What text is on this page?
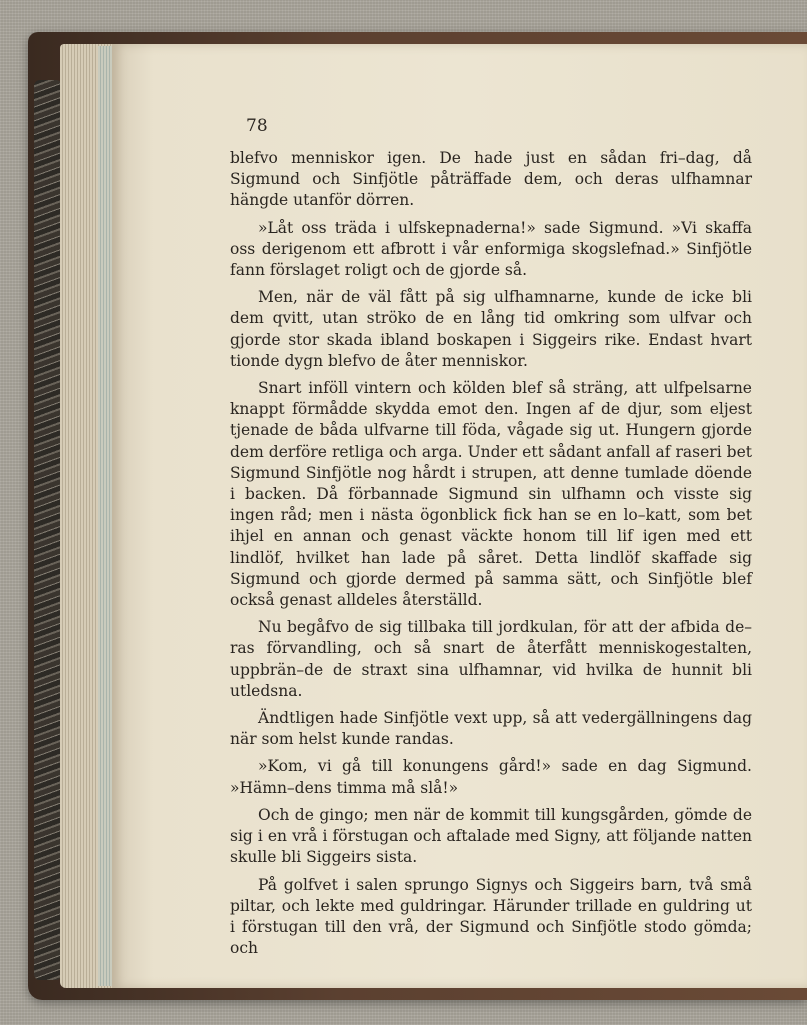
78

blefvo menniskor igen. De hade just en sådan fri–dag, då Sigmund och Sinfjötle påträffade dem, och deras ulfhamnar hängde utanför dörren.

»Låt oss träda i ulfskepnaderna!» sade Sigmund. »Vi skaffa oss derigenom ett afbrott i vår enformiga skogslefnad.» Sinfjötle fann förslaget roligt och de gjorde så.

Men, när de väl fått på sig ulfhamnarne, kunde de icke bli dem qvitt, utan ströko de en lång tid omkring som ulfvar och gjorde stor skada ibland boskapen i Siggeirs rike. Endast hvart tionde dygn blefvo de åter menniskor.

Snart inföll vintern och kölden blef så sträng, att ulfpelsarne knappt förmådde skydda emot den. Ingen af de djur, som eljest tjenade de båda ulfvarne till föda, vågade sig ut. Hungern gjorde dem derföre retliga och arga. Under ett sådant anfall af raseri bet Sigmund Sinfjötle nog hårdt i strupen, att denne tumlade döende i backen. Då förbannade Sigmund sin ulfhamn och visste sig ingen råd; men i nästa ögonblick fick han se en lo–katt, som bet ihjel en annan och genast väckte honom till lif igen med ett lindlöf, hvilket han lade på såret. Detta lindlöf skaffade sig Sigmund och gjorde dermed på samma sätt, och Sinfjötle blef också genast alldeles återställd.

Nu begåfvo de sig tillbaka till jordkulan, för att der afbida de–ras förvandling, och så snart de återfått menniskogestalten, uppbrän–de de straxt sina ulfhamnar, vid hvilka de hunnit bli utledsna.

Ändtligen hade Sinfjötle vext upp, så att vedergällningens dag när som helst kunde randas.

»Kom, vi gå till konungens gård!» sade en dag Sigmund. »Hämn–dens timma må slå!»

Och de gingo; men när de kommit till kungsgården, gömde de sig i en vrå i förstugan och aftalade med Signy, att följande natten skulle bli Siggeirs sista.

På golfvet i salen sprungo Signys och Siggeirs barn, två små piltar, och lekte med guldringar. Härunder trillade en guldring ut i förstugan till den vrå, der Sigmund och Sinfjötle stodo gömda; och
